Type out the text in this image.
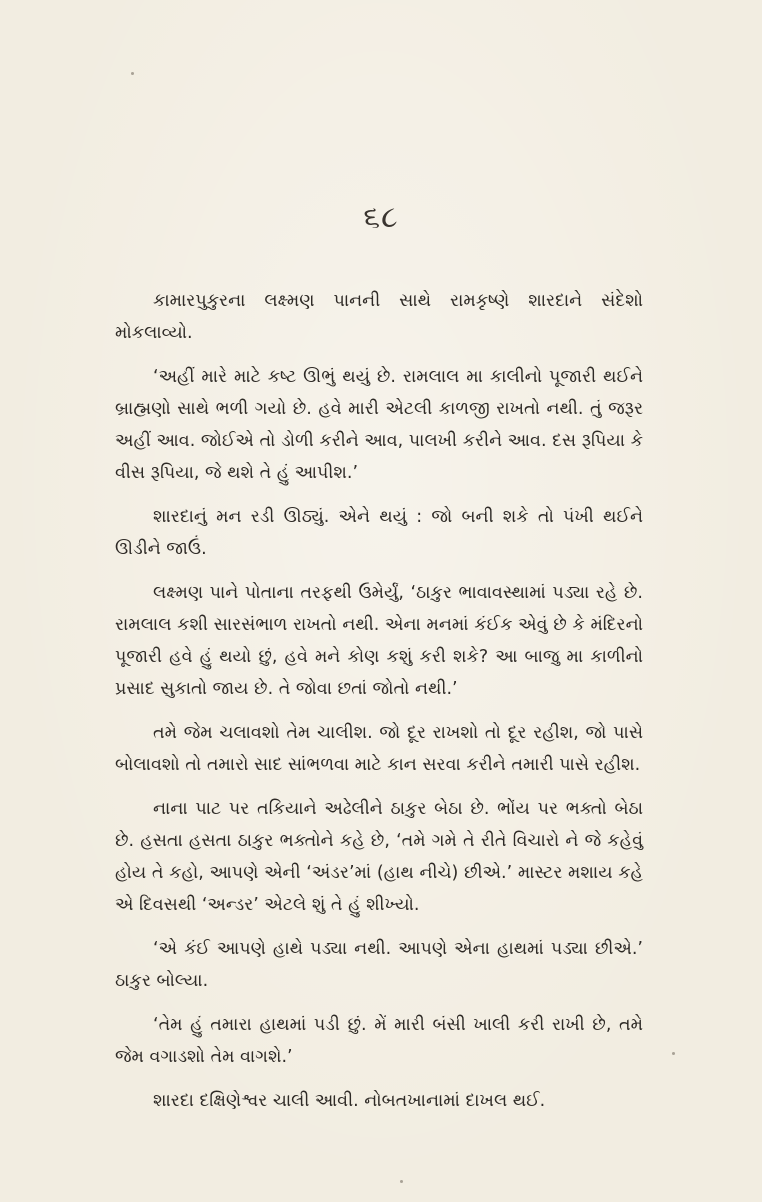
૬૮

કામારપુકુરના લક્ષ્મણ પાનની સાથે રામકૃષ્ણે શારદાને સંદેશો મોકલાવ્યો.

‘અહીં મારે માટે કષ્ટ ઊભું થયું છે. રામલાલ મા કાલીનો પૂજારી થઈને બ્રાહ્મણો સાથે ભળી ગયો છે. હવે મારી એટલી કાળજી રાખતો નથી. તું જરૂર અહીં આવ. જોઈએ તો ડોળી કરીને આવ, પાલખી કરીને આવ. દસ રૂપિયા કે વીસ રૂપિયા, જે થશે તે હું આપીશ.’

શારદાનું મન રડી ઊઠ્યું. એને થયું : જો બની શકે તો પંખી થઈને ઊડીને જાઉં.

લક્ષ્મણ પાને પોતાના તરફથી ઉમેર્યું, ‘ઠાકુર ભાવાવસ્થામાં પડ્યા રહે છે. રામલાલ કશી સારસંભાળ રાખતો નથી. એના મનમાં કંઈક એવું છે કે મંદિરનો પૂજારી હવે હું થયો છું, હવે મને કોણ કશું કરી શકે? આ બાજુ મા કાળીનો પ્રસાદ સુકાતો જાય છે. તે જોવા છતાં જોતો નથી.’

તમે જેમ ચલાવશો તેમ ચાલીશ. જો દૂર રાખશો તો દૂર રહીશ, જો પાસે બોલાવશો તો તમારો સાદ સાંભળવા માટે કાન સરવા કરીને તમારી પાસે રહીશ.

નાના પાટ પર તકિયાને અઢેલીને ઠાકુર બેઠા છે. ભોંય પર ભક્તો બેઠા છે. હસતા હસતા ઠાકુર ભક્તોને કહે છે, ‘તમે ગમે તે રીતે વિચારો ને જે કહેવું હોય તે કહો, આપણે એની ‘અંડર’માં (હાથ નીચે) છીએ.’ માસ્ટર મશાય કહે એ દિવસથી ‘અન્ડર’ એટલે શું તે હું શીખ્યો.

‘એ કંઈ આપણે હાથે પડ્યા નથી. આપણે એના હાથમાં પડ્યા છીએ.’ ઠાકુર બોલ્યા.

‘તેમ હું તમારા હાથમાં પડી છું. મેં મારી બંસી ખાલી કરી રાખી છે, તમે જેમ વગાડશો તેમ વાગશે.’

શારદા દક્ષિણેશ્વર ચાલી આવી. નોબતખાનામાં દાખલ થઈ.
